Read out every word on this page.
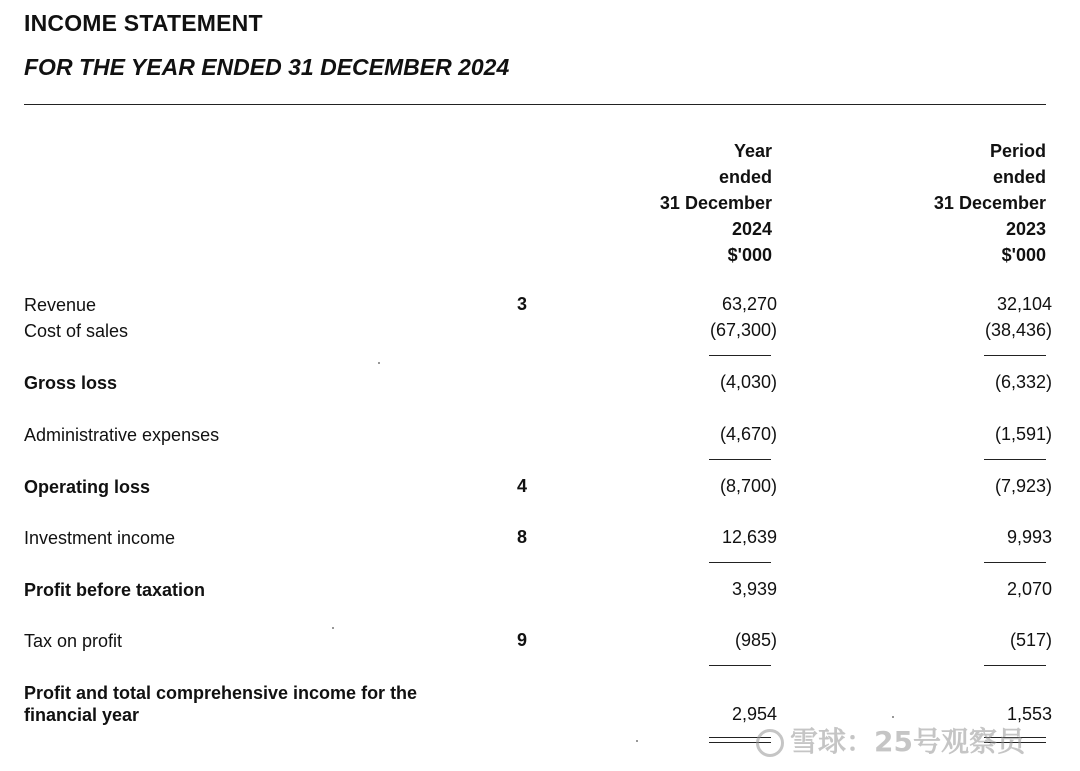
INCOME STATEMENT
FOR THE YEAR ENDED 31 DECEMBER 2024
Year
ended
31 December
2024
$'000
Period
ended
31 December
2023
$'000
Revenue	3	63,270	32,104
Cost of sales	(67,300)	(38,436)
Gross loss	(4,030)	(6,332)
Administrative expenses	(4,670)	(1,591)
Operating loss	4	(8,700)	(7,923)
Investment income	8	12,639	9,993
Profit before taxation	3,939	2,070
Tax on profit	9	(985)	(517)
Profit and total comprehensive income for the
financial year	2,954	1,553
雪球：25号观察员
